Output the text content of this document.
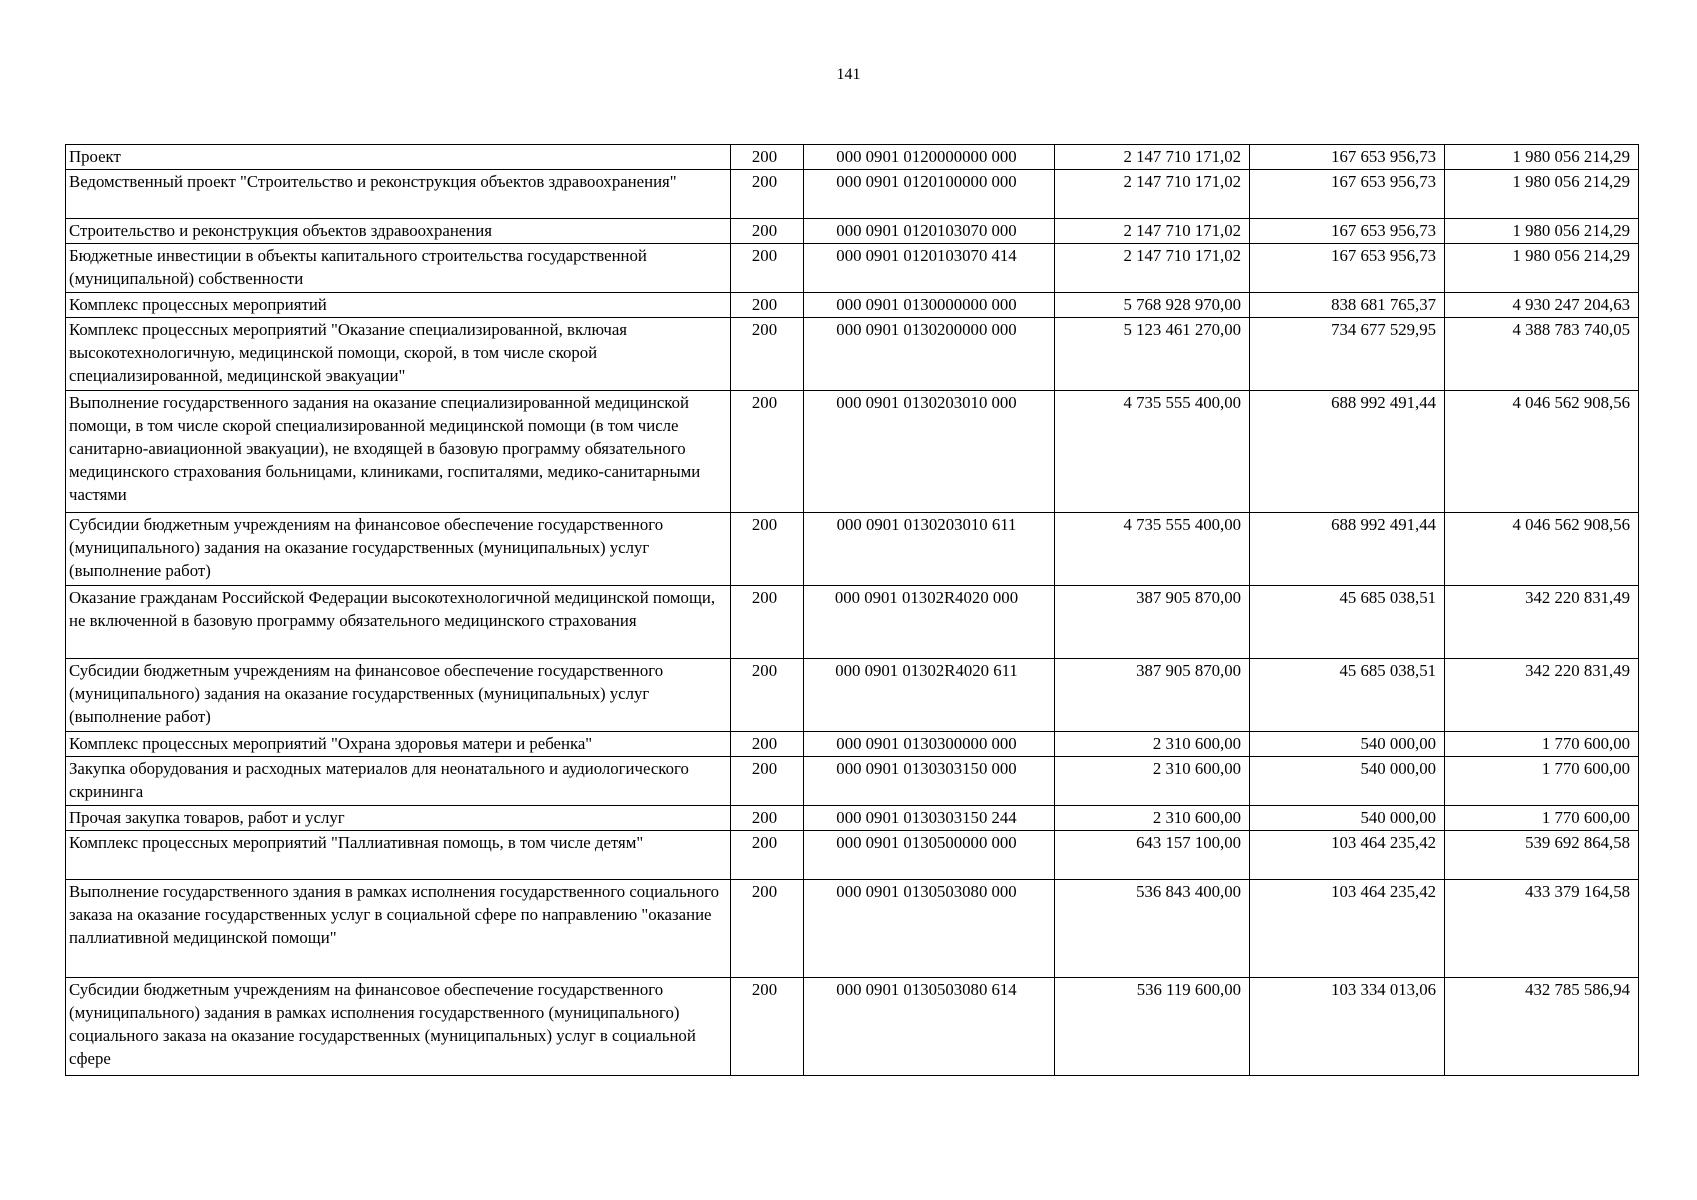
141
Проект	200	000 0901 0120000000 000	2 147 710 171,02	167 653 956,73	1 980 056 214,29
Ведомственный проект "Строительство и реконструкция объектов здравоохранения"	200	000 0901 0120100000 000	2 147 710 171,02	167 653 956,73	1 980 056 214,29
Строительство и реконструкция объектов здравоохранения	200	000 0901 0120103070 000	2 147 710 171,02	167 653 956,73	1 980 056 214,29
Бюджетные инвестиции в объекты капитального строительства государственной (муниципальной) собственности	200	000 0901 0120103070 414	2 147 710 171,02	167 653 956,73	1 980 056 214,29
Комплекс процессных мероприятий	200	000 0901 0130000000 000	5 768 928 970,00	838 681 765,37	4 930 247 204,63
Комплекс процессных мероприятий "Оказание специализированной, включая высокотехнологичную, медицинской помощи, скорой, в том числе скорой специализированной, медицинской эвакуации"	200	000 0901 0130200000 000	5 123 461 270,00	734 677 529,95	4 388 783 740,05
Выполнение государственного задания на оказание специализированной медицинской помощи, в том числе скорой специализированной медицинской помощи (в том числе санитарно-авиационной эвакуации), не входящей в базовую программу обязательного медицинского страхования больницами, клиниками, госпиталями, медико-санитарными частями	200	000 0901 0130203010 000	4 735 555 400,00	688 992 491,44	4 046 562 908,56
Субсидии бюджетным учреждениям на финансовое обеспечение государственного (муниципального) задания на оказание государственных (муниципальных) услуг (выполнение работ)	200	000 0901 0130203010 611	4 735 555 400,00	688 992 491,44	4 046 562 908,56
Оказание гражданам Российской Федерации высокотехнологичной медицинской помощи, не включенной в базовую программу обязательного медицинского страхования	200	000 0901 01302R4020 000	387 905 870,00	45 685 038,51	342 220 831,49
Субсидии бюджетным учреждениям на финансовое обеспечение государственного (муниципального) задания на оказание государственных (муниципальных) услуг (выполнение работ)	200	000 0901 01302R4020 611	387 905 870,00	45 685 038,51	342 220 831,49
Комплекс процессных мероприятий "Охрана здоровья матери и ребенка"	200	000 0901 0130300000 000	2 310 600,00	540 000,00	1 770 600,00
Закупка оборудования и расходных материалов для неонатального и аудиологического скрининга	200	000 0901 0130303150 000	2 310 600,00	540 000,00	1 770 600,00
Прочая закупка товаров, работ и услуг	200	000 0901 0130303150 244	2 310 600,00	540 000,00	1 770 600,00
Комплекс процессных мероприятий "Паллиативная помощь, в том числе детям"	200	000 0901 0130500000 000	643 157 100,00	103 464 235,42	539 692 864,58
Выполнение государственного здания в рамках исполнения государственного социального заказа на оказание государственных услуг в социальной сфере по направлению "оказание паллиативной медицинской помощи"	200	000 0901 0130503080 000	536 843 400,00	103 464 235,42	433 379 164,58
Субсидии бюджетным учреждениям на финансовое обеспечение государственного (муниципального) задания в рамках исполнения государственного (муниципального) социального заказа на оказание государственных (муниципальных) услуг в социальной сфере	200	000 0901 0130503080 614	536 119 600,00	103 334 013,06	432 785 586,94
